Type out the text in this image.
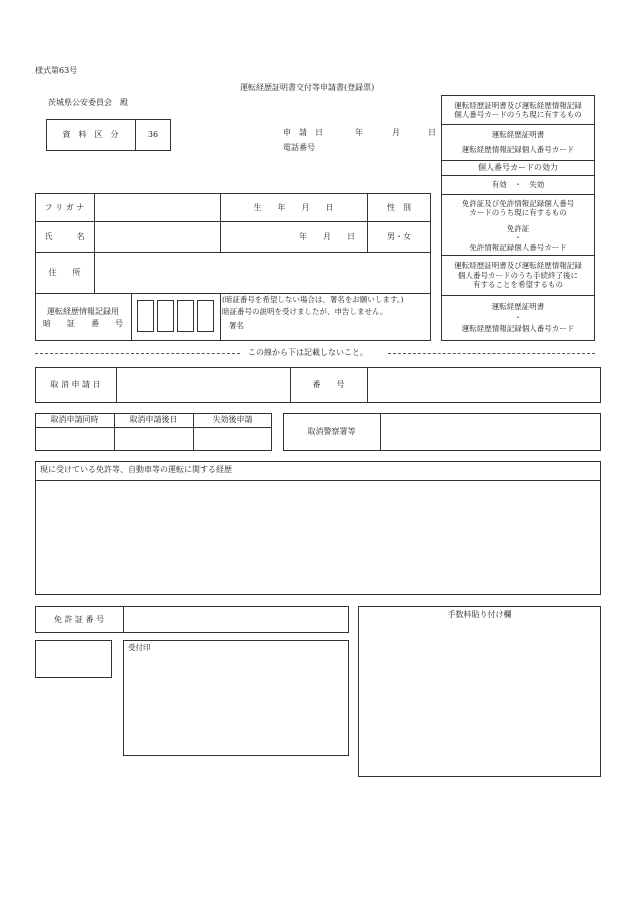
様式第63号
運転経歴証明書交付等申請書(登録票)
茨城県公安委員会　殿
資　料　区　分	36	申　請　日	年	月	日
電話番号
運転経歴証明書及び運転経歴情報記録
個人番号カードのうち現に有するもの
運転経歴証明書
運転経歴情報記録個人番号カード
個人番号カードの効力
有効　・　失効
免許証及び免許情報記録個人番号
カードのうち現に有するもの
免許証
・
免許情報記録個人番号カード
運転経歴証明書及び運転経歴情報記録
個人番号カードのうち手続終了後に
有することを希望するもの
運転経歴証明書
・
運転経歴情報記録個人番号カード
フ リ ガ ナ	生　　年　　月　　日	性　別
氏　　　名	年　　月　　日	男・女
住　　所
運転経歴情報記録用
暗　　証　　番　　号
(暗証番号を希望しない場合は、署名をお願いします。)
暗証番号の説明を受けましたが、申告しません。
署名
この線から下は記載しないこと。
取 消 申 請 日	番　　号
取消申請同時	取消申請後日	失効後申請
取消警察署等
現に受けている免許等、自動車等の運転に関する経歴
免 許 証 番 号
受付印
手数料貼り付け欄
